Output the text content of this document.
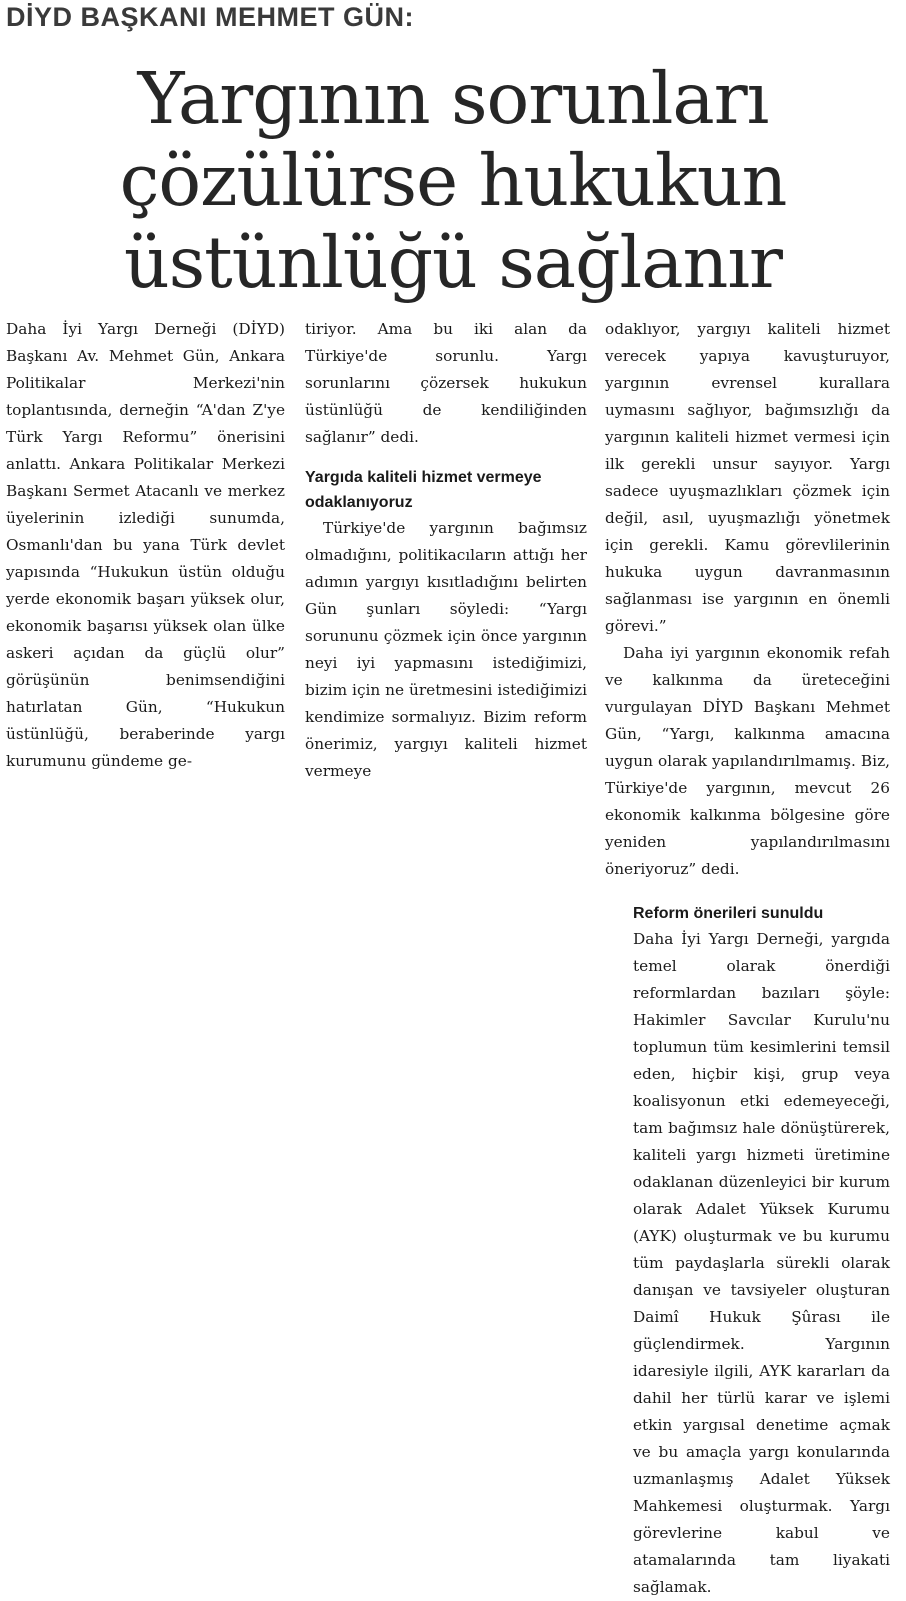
DİYD BAŞKANI MEHMET GÜN:
Yargının sorunları
çözülürse hukukun
üstünlüğü sağlanır

Daha İyi Yargı Derneği (DİYD) Başkanı Av. Mehmet Gün, Ankara Politikalar Merkezi'nin toplantısında, derneğin “A'dan Z'ye Türk Yargı Reformu” önerisini anlattı. Ankara Politikalar Merkezi Başkanı Sermet Atacanlı ve merkez üyelerinin izlediği sunumda, Osmanlı'dan bu yana Türk devlet yapısında “Hukukun üstün olduğu yerde ekonomik başarı yüksek olur, ekonomik başarısı yüksek olan ülke askeri açıdan da güçlü olur” görüşünün benimsendiğini hatırlatan Gün, “Hukukun üstünlüğü, beraberinde yargı kurumunu gündeme ge-

tiriyor. Ama bu iki alan da Türkiye'de sorunlu. Yargı sorunlarını çözersek hukukun üstünlüğü de kendiliğinden sağlanır” dedi.

Yargıda kaliteli hizmet vermeye odaklanıyoruz

Türkiye'de yargının bağımsız olmadığını, politikacıların attığı her adımın yargıyı kısıtladığını belirten Gün şunları söyledi: “Yargı sorununu çözmek için önce yargının neyi iyi yapmasını istediğimizi, bizim için ne üretmesini istediğimizi kendimize sormalıyız. Bizim reform önerimiz, yargıyı kaliteli hizmet vermeye

odaklıyor, yargıyı kaliteli hizmet verecek yapıya kavuşturuyor, yargının evrensel kurallara uymasını sağlıyor, bağımsızlığı da yargının kaliteli hizmet vermesi için ilk gerekli unsur sayıyor. Yargı sadece uyuşmazlıkları çözmek için değil, asıl, uyuşmazlığı yönetmek için gerekli. Kamu görevlilerinin hukuka uygun davranmasının sağlanması ise yargının en önemli görevi.”

Daha iyi yargının ekonomik refah ve kalkınma da üreteceğini vurgulayan DİYD Başkanı Mehmet Gün, “Yargı, kalkınma amacına uygun olarak yapılandırılmamış. Biz, Türkiye'de yargının, mevcut 26 ekonomik kalkınma bölgesine göre yeniden yapılandırılmasını öneriyoruz” dedi.

Reform önerileri sunuldu

Daha İyi Yargı Derneği, yargıda temel olarak önerdiği reformlardan bazıları şöyle: Hakimler Savcılar Kurulu'nu toplumun tüm kesimlerini temsil eden, hiçbir kişi, grup veya koalisyonun etki edemeyeceği, tam bağımsız hale dönüştürerek, kaliteli yargı hizmeti üretimine odaklanan düzenleyici bir kurum olarak Adalet Yüksek Kurumu (AYK) oluşturmak ve bu kurumu tüm paydaşlarla sürekli olarak danışan ve tavsiyeler oluşturan Daimî Hukuk Şûrası ile güçlendirmek. Yargının idaresiyle ilgili, AYK kararları da dahil her türlü karar ve işlemi etkin yargısal denetime açmak ve bu amaçla yargı konularında uzmanlaşmış Adalet Yüksek Mahkemesi oluşturmak. Yargı görevlerine kabul ve atamalarında tam liyakati sağlamak.
